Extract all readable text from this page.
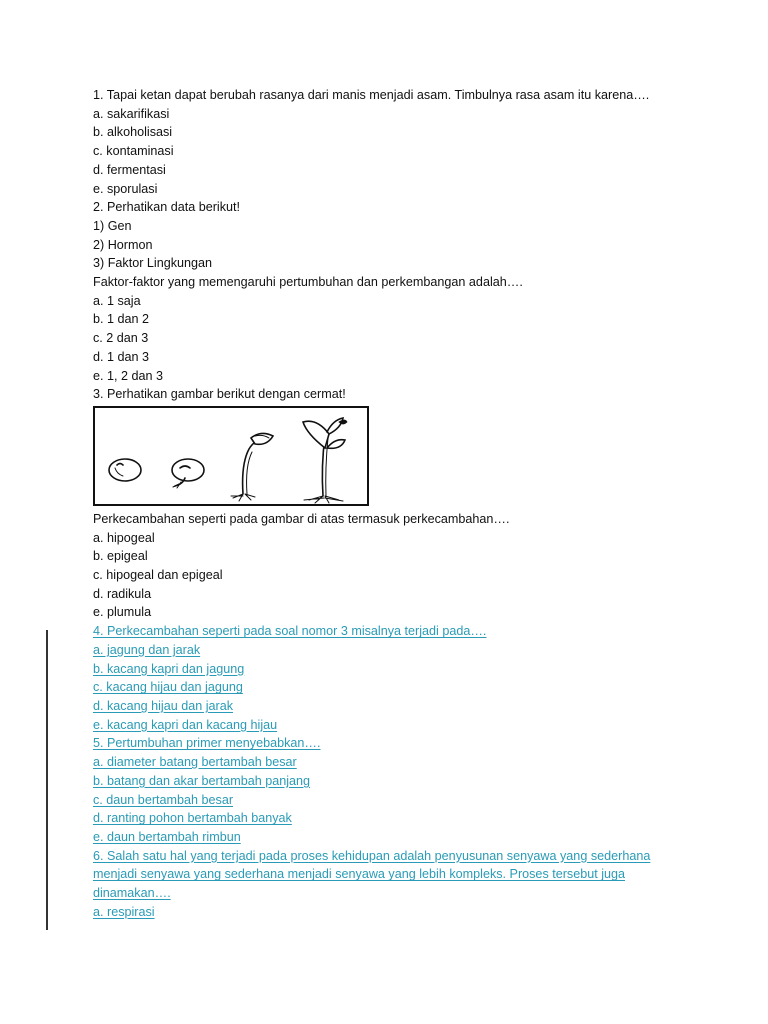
1. Tapai ketan dapat berubah rasanya dari manis menjadi asam. Timbulnya rasa asam itu karena….
a. sakarifikasi
b. alkoholisasi
c. kontaminasi
d. fermentasi
e. sporulasi
2. Perhatikan data berikut!
1) Gen
2) Hormon
3) Faktor Lingkungan
Faktor-faktor yang memengaruhi pertumbuhan dan perkembangan adalah….
a. 1 saja
b. 1 dan 2
c. 2 dan 3
d. 1 dan 3
e. 1, 2 dan 3
3. Perhatikan gambar berikut dengan cermat!
Perkecambahan seperti pada gambar di atas termasuk perkecambahan….
a. hipogeal
b. epigeal
c. hipogeal dan epigeal
d. radikula
e. plumula
4. Perkecambahan seperti pada soal nomor 3 misalnya terjadi pada….
a. jagung dan jarak
b. kacang kapri dan jagung
c. kacang hijau dan jagung
d. kacang hijau dan jarak
e. kacang kapri dan kacang hijau
5. Pertumbuhan primer menyebabkan….
a. diameter batang bertambah besar
b. batang dan akar bertambah panjang
c. daun bertambah besar
d. ranting pohon bertambah banyak
e. daun bertambah rimbun
6. Salah satu hal yang terjadi pada proses kehidupan adalah penyusunan senyawa yang sederhana menjadi senyawa yang sederhana menjadi senyawa yang lebih kompleks. Proses tersebut juga dinamakan….
a. respirasi
